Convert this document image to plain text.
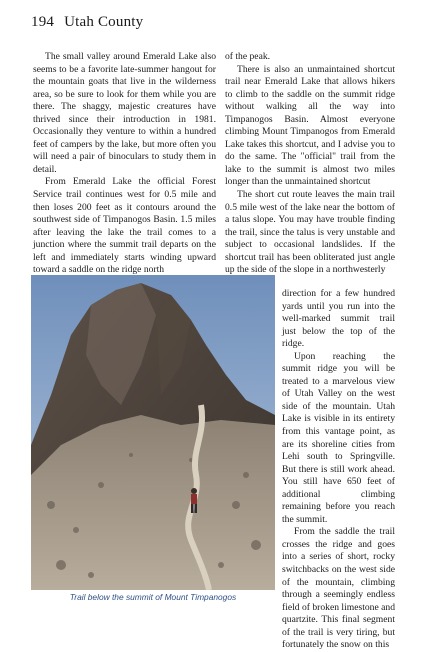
194 Utah County

The small valley around Emerald Lake also seems to be a favorite late-summer hangout for the mountain goats that live in the wilderness area, so be sure to look for them while you are there. The shaggy, majestic creatures have thrived since their introduction in 1981. Occasionally they venture to within a hundred feet of campers by the lake, but more often you will need a pair of binoculars to study them in detail.

From Emerald Lake the official Forest Service trail continues west for 0.5 mile and then loses 200 feet as it contours around the southwest side of Timpanogos Basin. 1.5 miles after leaving the lake the trail comes to a junction where the summit trail departs on the left and immediately starts winding upward toward a saddle on the ridge north

of the peak.

There is also an unmaintained shortcut trail near Emerald Lake that allows hikers to climb to the saddle on the summit ridge without walking all the way into Timpanogos Basin. Almost everyone climbing Mount Timpanogos from Emerald Lake takes this shortcut, and I advise you to do the same. The "official" trail from the lake to the summit is almost two miles longer than the unmaintained shortcut

The short cut route leaves the main trail 0.5 mile west of the lake near the bottom of a talus slope. You may have trouble finding the trail, since the talus is very unstable and subject to occasional landslides. If the shortcut trail has been obliterated just angle up the side of the slope in a northwesterly

direction for a few hundred yards until you run into the well-marked summit trail just below the top of the ridge.

Upon reaching the summit ridge you will be treated to a marvelous view of Utah Valley on the west side of the mountain. Utah Lake is visible in its entirety from this vantage point, as are its shoreline cities from Lehi south to Springville. But there is still work ahead. You still have 650 feet of additional climbing remaining before you reach the summit.

From the saddle the trail crosses the ridge and goes into a series of short, rocky switchbacks on the west side of the mountain, climbing through a seemingly endless field of broken limestone and quartzite. This final segment of the trail is very tiring, but fortunately the snow on this

Trail below the summit of Mount Timpanogos
